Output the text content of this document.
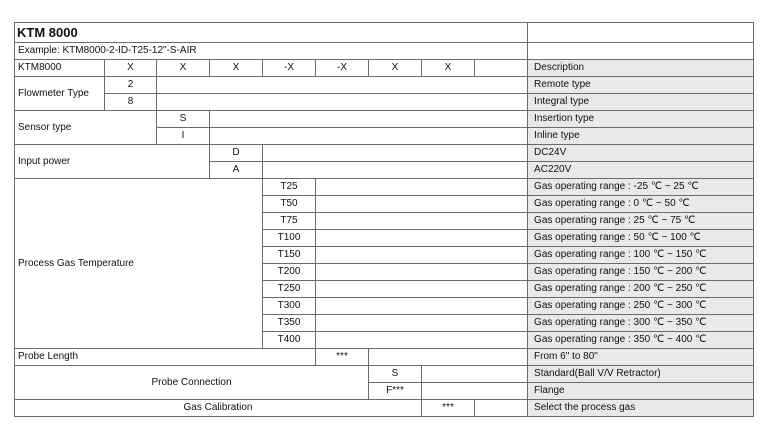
KTM 8000									
Example: KTM8000-2-ID-T25-12"-S-AIR									
KTM8000	X	X	X	-X	-X	X	X		Description
Flowmeter Type	2								Remote type
	8								Integral type
Sensor type		S							Insertion type
		I							Inline type
Input power			D						DC24V
			A						AC220V
Process Gas Temperature				T25					Gas operating range : -25 ℃ ~ 25 ℃
				T50					Gas operating range : 0 ℃ ~ 50 ℃
				T75					Gas operating range : 25 ℃ ~ 75 ℃
				T100					Gas operating range : 50 ℃ ~ 100 ℃
				T150					Gas operating range : 100 ℃ ~ 150 ℃
				T200					Gas operating range : 150 ℃ ~ 200 ℃
				T250					Gas operating range : 200 ℃ ~ 250 ℃
				T300					Gas operating range : 250 ℃ ~ 300 ℃
				T350					Gas operating range : 300 ℃ ~ 350 ℃
				T400					Gas operating range : 350 ℃ ~ 400 ℃
Probe Length					***				From 6" to 80"
Probe Connection						S			Standard(Ball V/V Retractor)
						F***			Flange
Gas Calibration							***		Select the process gas
